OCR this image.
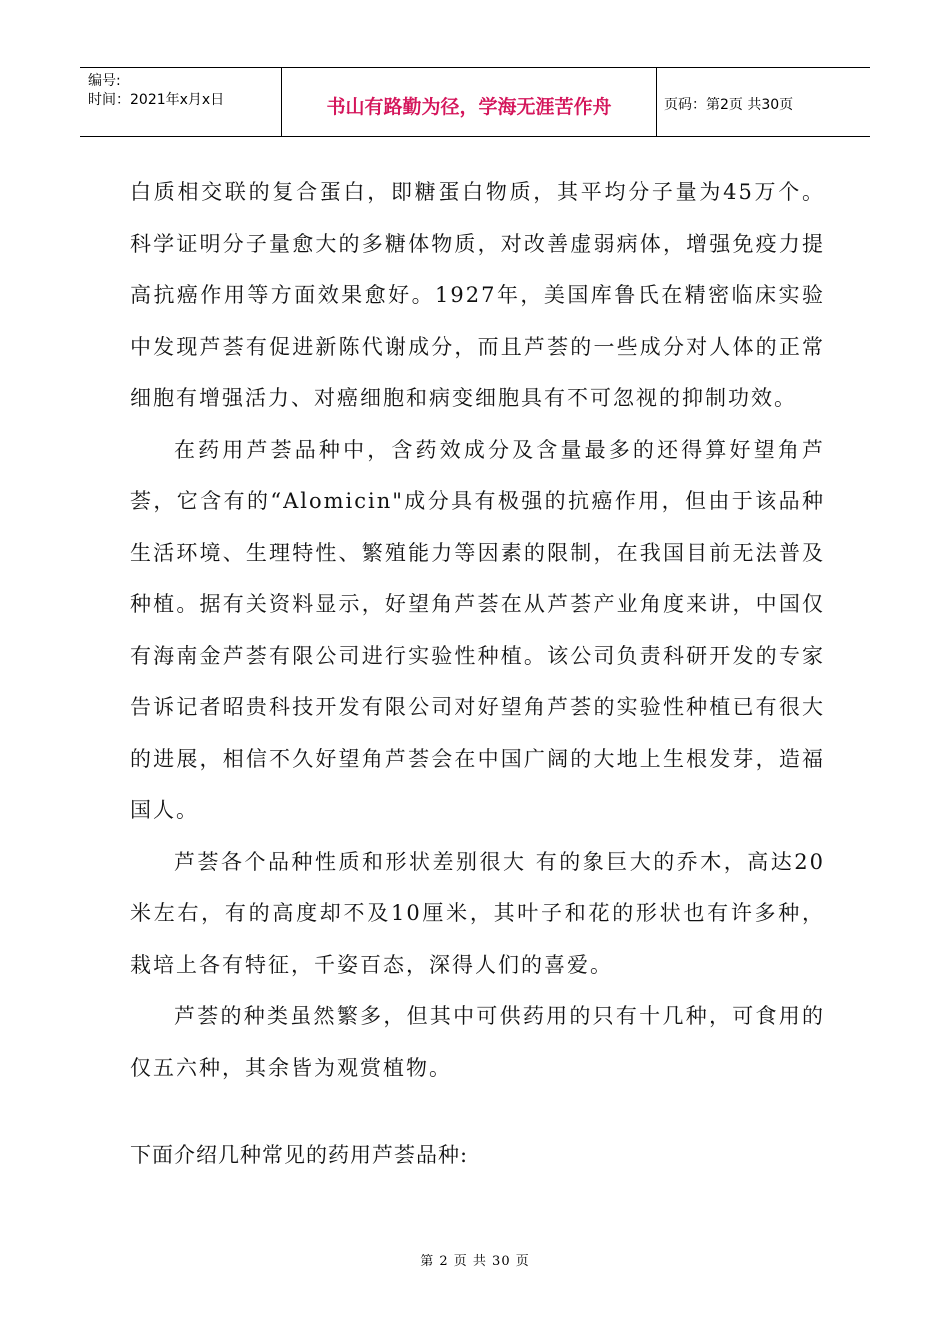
编号:
时间：2021年x月x日	书山有路勤为径，学海无涯苦作舟	页码：第2页 共30页

白质相交联的复合蛋白，即糖蛋白物质，其平均分子量为45万个。科学证明分子量愈大的多糖体物质，对改善虚弱病体，增强免疫力提高抗癌作用等方面效果愈好。1927年，美国库鲁氏在精密临床实验中发现芦荟有促进新陈代谢成分，而且芦荟的一些成分对人体的正常细胞有增强活力、对癌细胞和病变细胞具有不可忽视的抑制功效。

在药用芦荟品种中，含药效成分及含量最多的还得算好望角芦荟，它含有的“Alomicin"成分具有极强的抗癌作用，但由于该品种生活环境、生理特性、繁殖能力等因素的限制，在我国目前无法普及种植。据有关资料显示，好望角芦荟在从芦荟产业角度来讲，中国仅有海南金芦荟有限公司进行实验性种植。该公司负责科研开发的专家告诉记者昭贵科技开发有限公司对好望角芦荟的实验性种植已有很大的进展，相信不久好望角芦荟会在中国广阔的大地上生根发芽，造福国人。

芦荟各个品种性质和形状差别很大 有的象巨大的乔木，高达20米左右，有的高度却不及10厘米，其叶子和花的形状也有许多种，栽培上各有特征，千姿百态，深得人们的喜爱。

芦荟的种类虽然繁多，但其中可供药用的只有十几种，可食用的仅五六种，其余皆为观赏植物。

下面介绍几种常见的药用芦荟品种:

第 2 页 共 30 页
